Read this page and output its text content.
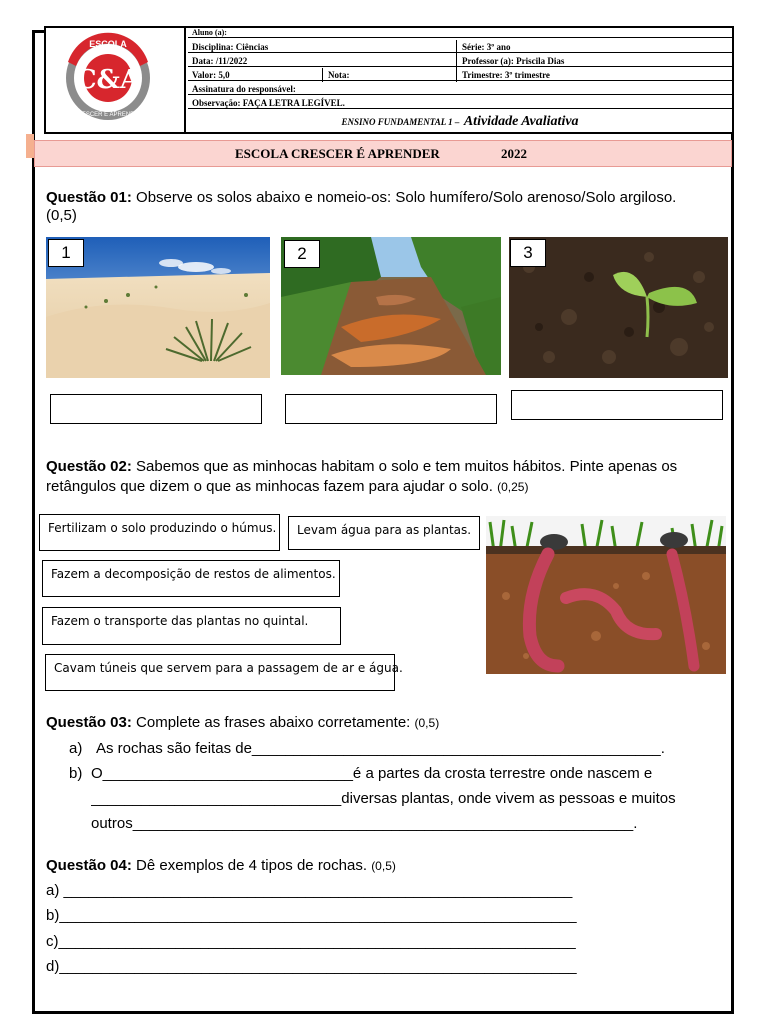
C&A
ESCOLA
CRESCER E APRENDER
Aluno (a):
Disciplina: Ciências	Série: 3º ano
Data: /11/2022	Professor (a): Priscila Dias
Valor: 5,0	Nota:	Trimestre: 3º trimestre
Assinatura do responsável:
Observação: FAÇA LETRA LEGÍVEL.
ENSINO FUNDAMENTAL 1 – Atividade Avaliativa
ESCOLA CRESCER É APRENDER	2022
Questão 01: Observe os solos abaixo e nomeio-os: Solo humífero/Solo arenoso/Solo argiloso.
(0,5)
1	2	3
Questão 02: Sabemos que as minhocas habitam o solo e tem muitos hábitos. Pinte apenas os
retângulos que dizem o que as minhocas fazem para ajudar o solo. (0,25)
Fertilizam o solo produzindo o húmus.	Levam água para as plantas.
Fazem a decomposição de restos de alimentos.
Fazem o transporte das plantas no quintal.
Cavam túneis que servem para a passagem de ar e água.
Questão 03: Complete as frases abaixo corretamente: (0,5)
a) As rochas são feitas de_________________________________________________.
b) O______________________________é a partes da crosta terrestre onde nascem e
______________________________diversas plantas, onde vivem as pessoas e muitos
outros____________________________________________________________.
Questão 04: Dê exemplos de 4 tipos de rochas. (0,5)
a) _____________________________________________________________
b)______________________________________________________________
c)______________________________________________________________
d)______________________________________________________________
